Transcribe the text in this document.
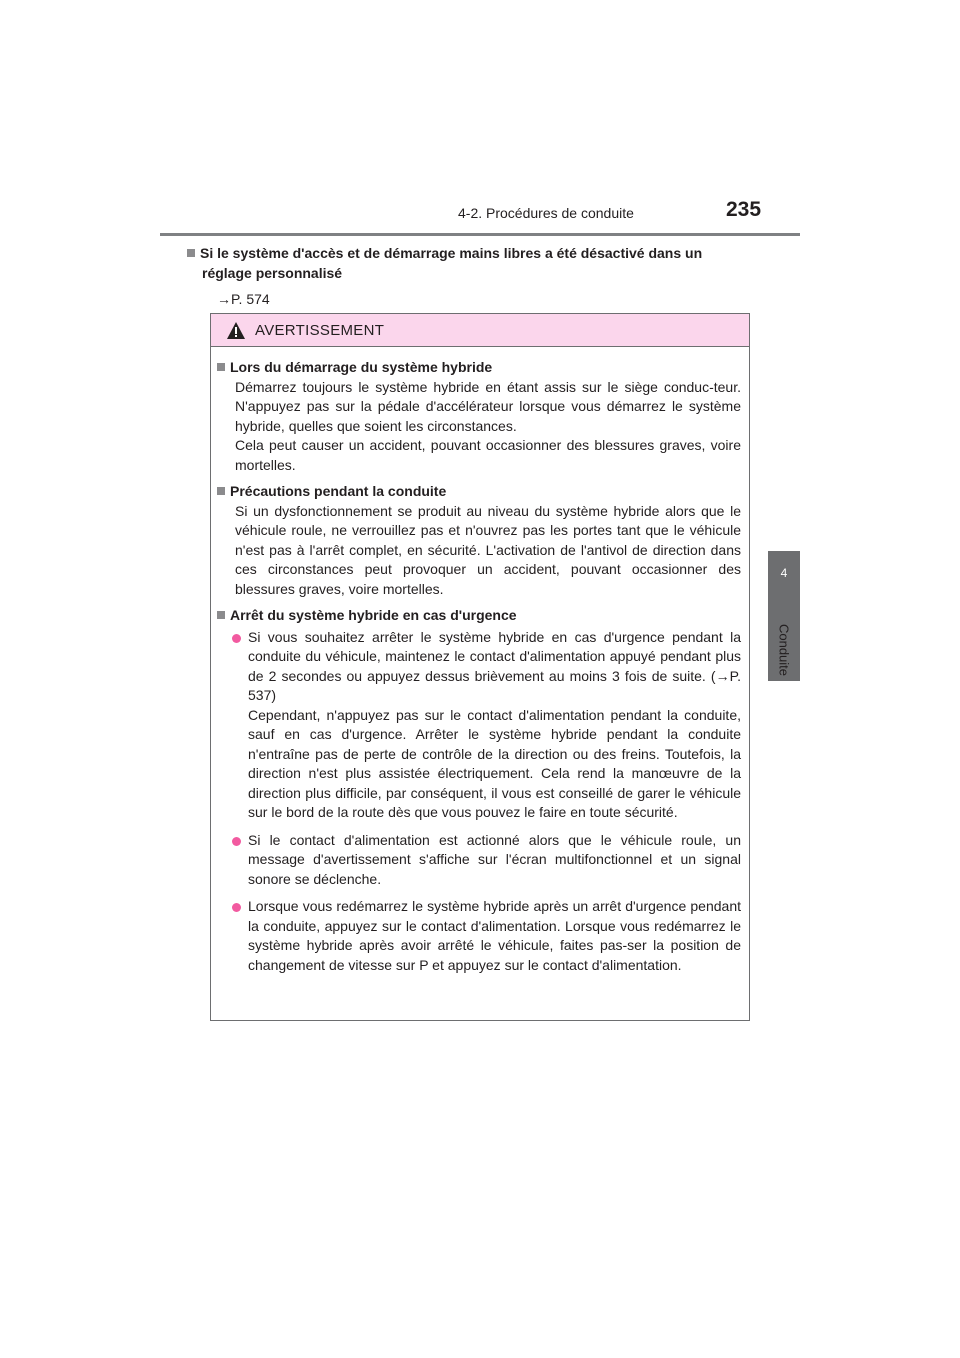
4-2. Procédures de conduite	235
4
Conduite
Si le système d'accès et de démarrage mains libres a été désactivé dans un réglage personnalisé
→P. 574
AVERTISSEMENT
Lors du démarrage du système hybride
Démarrez toujours le système hybride en étant assis sur le siège conduc-teur. N'appuyez pas sur la pédale d'accélérateur lorsque vous démarrez le système hybride, quelles que soient les circonstances.
Cela peut causer un accident, pouvant occasionner des blessures graves, voire mortelles.
Précautions pendant la conduite
Si un dysfonctionnement se produit au niveau du système hybride alors que le véhicule roule, ne verrouillez pas et n'ouvrez pas les portes tant que le véhicule n'est pas à l'arrêt complet, en sécurité. L'activation de l'antivol de direction dans ces circonstances peut provoquer un accident, pouvant occasionner des blessures graves, voire mortelles.
Arrêt du système hybride en cas d'urgence
Si vous souhaitez arrêter le système hybride en cas d'urgence pendant la conduite du véhicule, maintenez le contact d'alimentation appuyé pendant plus de 2 secondes ou appuyez dessus brièvement au moins 3 fois de suite. (→P. 537)
Cependant, n'appuyez pas sur le contact d'alimentation pendant la conduite, sauf en cas d'urgence. Arrêter le système hybride pendant la conduite n'entraîne pas de perte de contrôle de la direction ou des freins. Toutefois, la direction n'est plus assistée électriquement. Cela rend la manœuvre de la direction plus difficile, par conséquent, il vous est conseillé de garer le véhicule sur le bord de la route dès que vous pouvez le faire en toute sécurité.
Si le contact d'alimentation est actionné alors que le véhicule roule, un message d'avertissement s'affiche sur l'écran multifonctionnel et un signal sonore se déclenche.
Lorsque vous redémarrez le système hybride après un arrêt d'urgence pendant la conduite, appuyez sur le contact d'alimentation. Lorsque vous redémarrez le système hybride après avoir arrêté le véhicule, faites pas-ser la position de changement de vitesse sur P et appuyez sur le contact d'alimentation.
